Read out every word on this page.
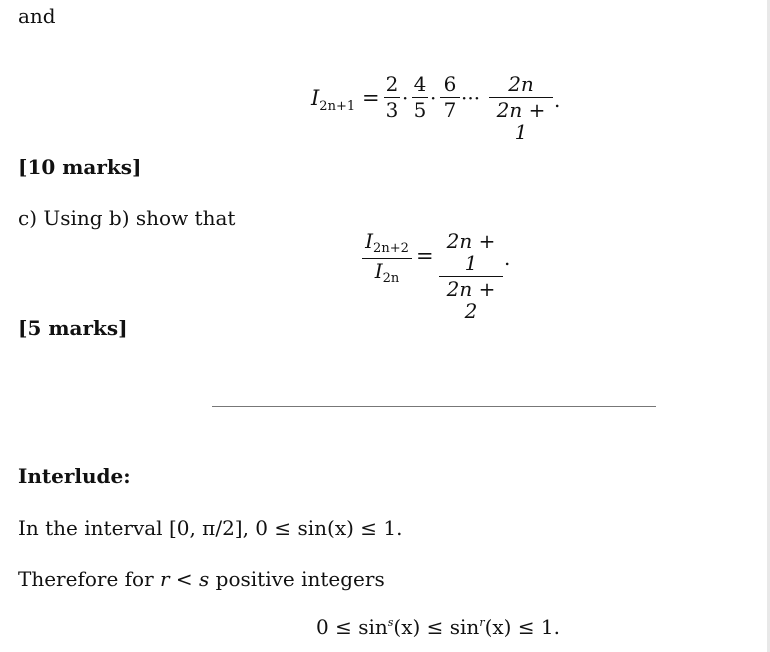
and
$I_{2n+1}$ =
2
3 ·
4
5 ·
6
7 ···
2n
2n + 1
.
[10 marks]
c) Using b) show that
$I_{2n+2}$
$I_{2n}$
=
2n + 1
2n + 2
.
[5 marks]
Interlude:
In the interval [0, π/2], 0 ≤ sin(x) ≤ 1.
Therefore for r < s positive integers
$0 \le \sin^s(x) \le \sin^r(x) \le 1$.
